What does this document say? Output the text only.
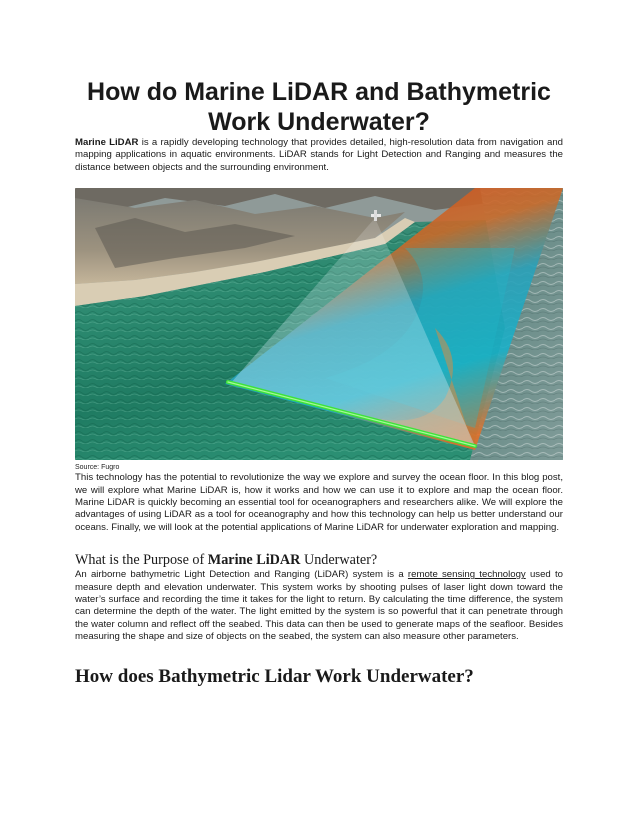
How do Marine LiDAR and Bathymetric
Work Underwater?

Marine LiDAR is a rapidly developing technology that provides detailed, high-resolution data from navigation and mapping applications in aquatic environments. LiDAR stands for Light Detection and Ranging and measures the distance between objects and the surrounding environment.

Source: Fugro

This technology has the potential to revolutionize the way we explore and survey the ocean floor. In this blog post, we will explore what Marine LiDAR is, how it works and how we can use it to explore and map the ocean floor. Marine LiDAR is quickly becoming an essential tool for oceanographers and researchers alike. We will explore the advantages of using LiDAR as a tool for oceanography and how this technology can help us better understand our oceans. Finally, we will look at the potential applications of Marine LiDAR for underwater exploration and mapping.

What is the Purpose of Marine LiDAR Underwater?

An airborne bathymetric Light Detection and Ranging (LiDAR) system is a remote sensing technology used to measure depth and elevation underwater. This system works by shooting pulses of laser light down toward the water’s surface and recording the time it takes for the light to return. By calculating the time difference, the system can determine the depth of the water. The light emitted by the system is so powerful that it can penetrate through the water column and reflect off the seabed. This data can then be used to generate maps of the seafloor. Besides measuring the shape and size of objects on the seabed, the system can also measure other parameters.

How does Bathymetric Lidar Work Underwater?
